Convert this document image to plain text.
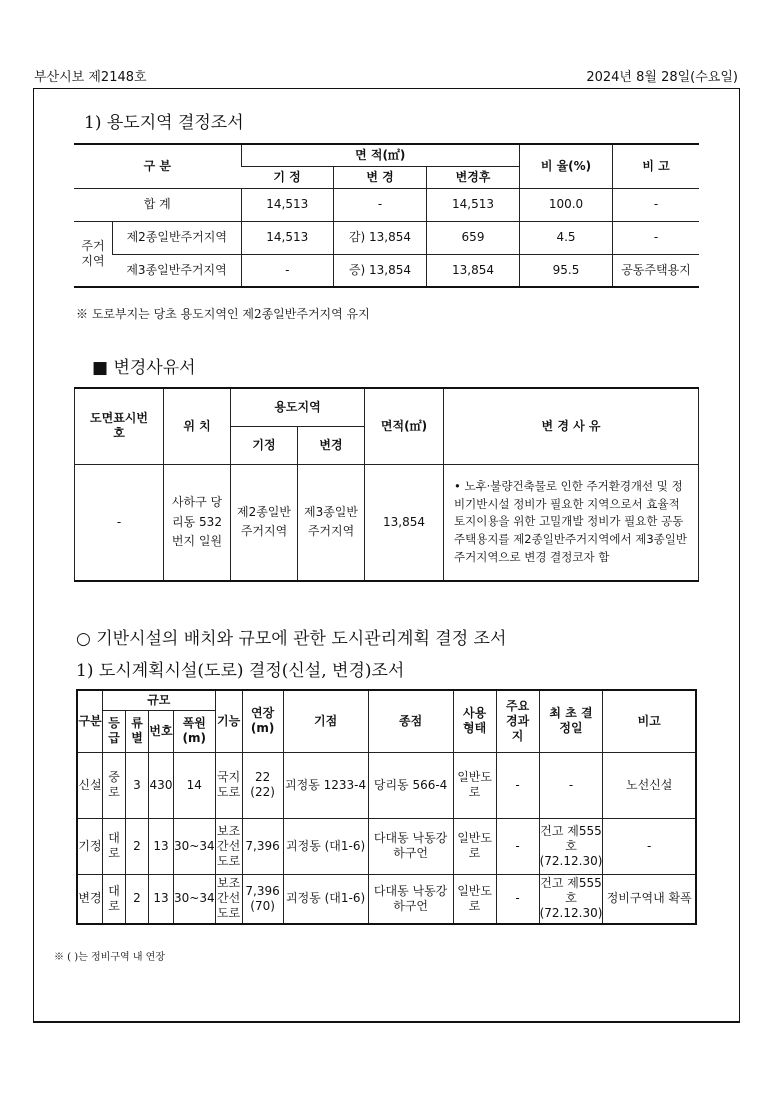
부산시보 제2148호	2024년 8월 28일(수요일)
1) 용도지역 결정조서
구 분		면 적(㎡)			비 율(%)	비 고
		기 정	변 경	변경후		
합 계		14,513	-	14,513	100.0	-
주거지역	제2종일반주거지역	14,513	감) 13,854	659	4.5	-
	제3종일반주거지역	-	증) 13,854	13,854	95.5	공동주택용지
※ 도로부지는 당초 용도지역인 제2종일반주거지역 유지
■ 변경사유서
도면표시번호	위 치	용도지역		면적(㎡)	변 경 사 유
		기정	변경		
-	사하구 당리동 532번지 일원	제2종일반주거지역	제3종일반주거지역	13,854	• 노후·불량건축물로 인한 주거환경개선 및 정비기반시설 정비가 필요한 지역으로서 효율적 토지이용을 위한 고밀개발 정비가 필요한 공동주택용지를 제2종일반주거지역에서 제3종일반주거지역으로 변경 결정코자 함
○ 기반시설의 배치와 규모에 관한 도시관리계획 결정 조서
1) 도시계획시설(도로) 결정(신설, 변경)조서
구분	규모				기능	연장 (m)	기점	종점	사용형태	주요경과지	최 초 결정일	비고
	등급	류별	번호	폭원 (m)								
신설	중로	3	430	14	국지도로	22 (22)	괴정동 1233-4	당리동 566-4	일반도로	-	-	노선신설
기정	대로	2	13	30~34	보조간선도로	7,396	괴정동 (대1-6)	다대동 낙동강 하구언	일반도로	-	건고 제555호 (72.12.30)	-
변경	대로	2	13	30~34	보조간선도로	7,396 (70)	괴정동 (대1-6)	다대동 낙동강 하구언	일반도로	-	건고 제555호 (72.12.30)	정비구역내 확폭
※ ( )는 정비구역 내 연장
